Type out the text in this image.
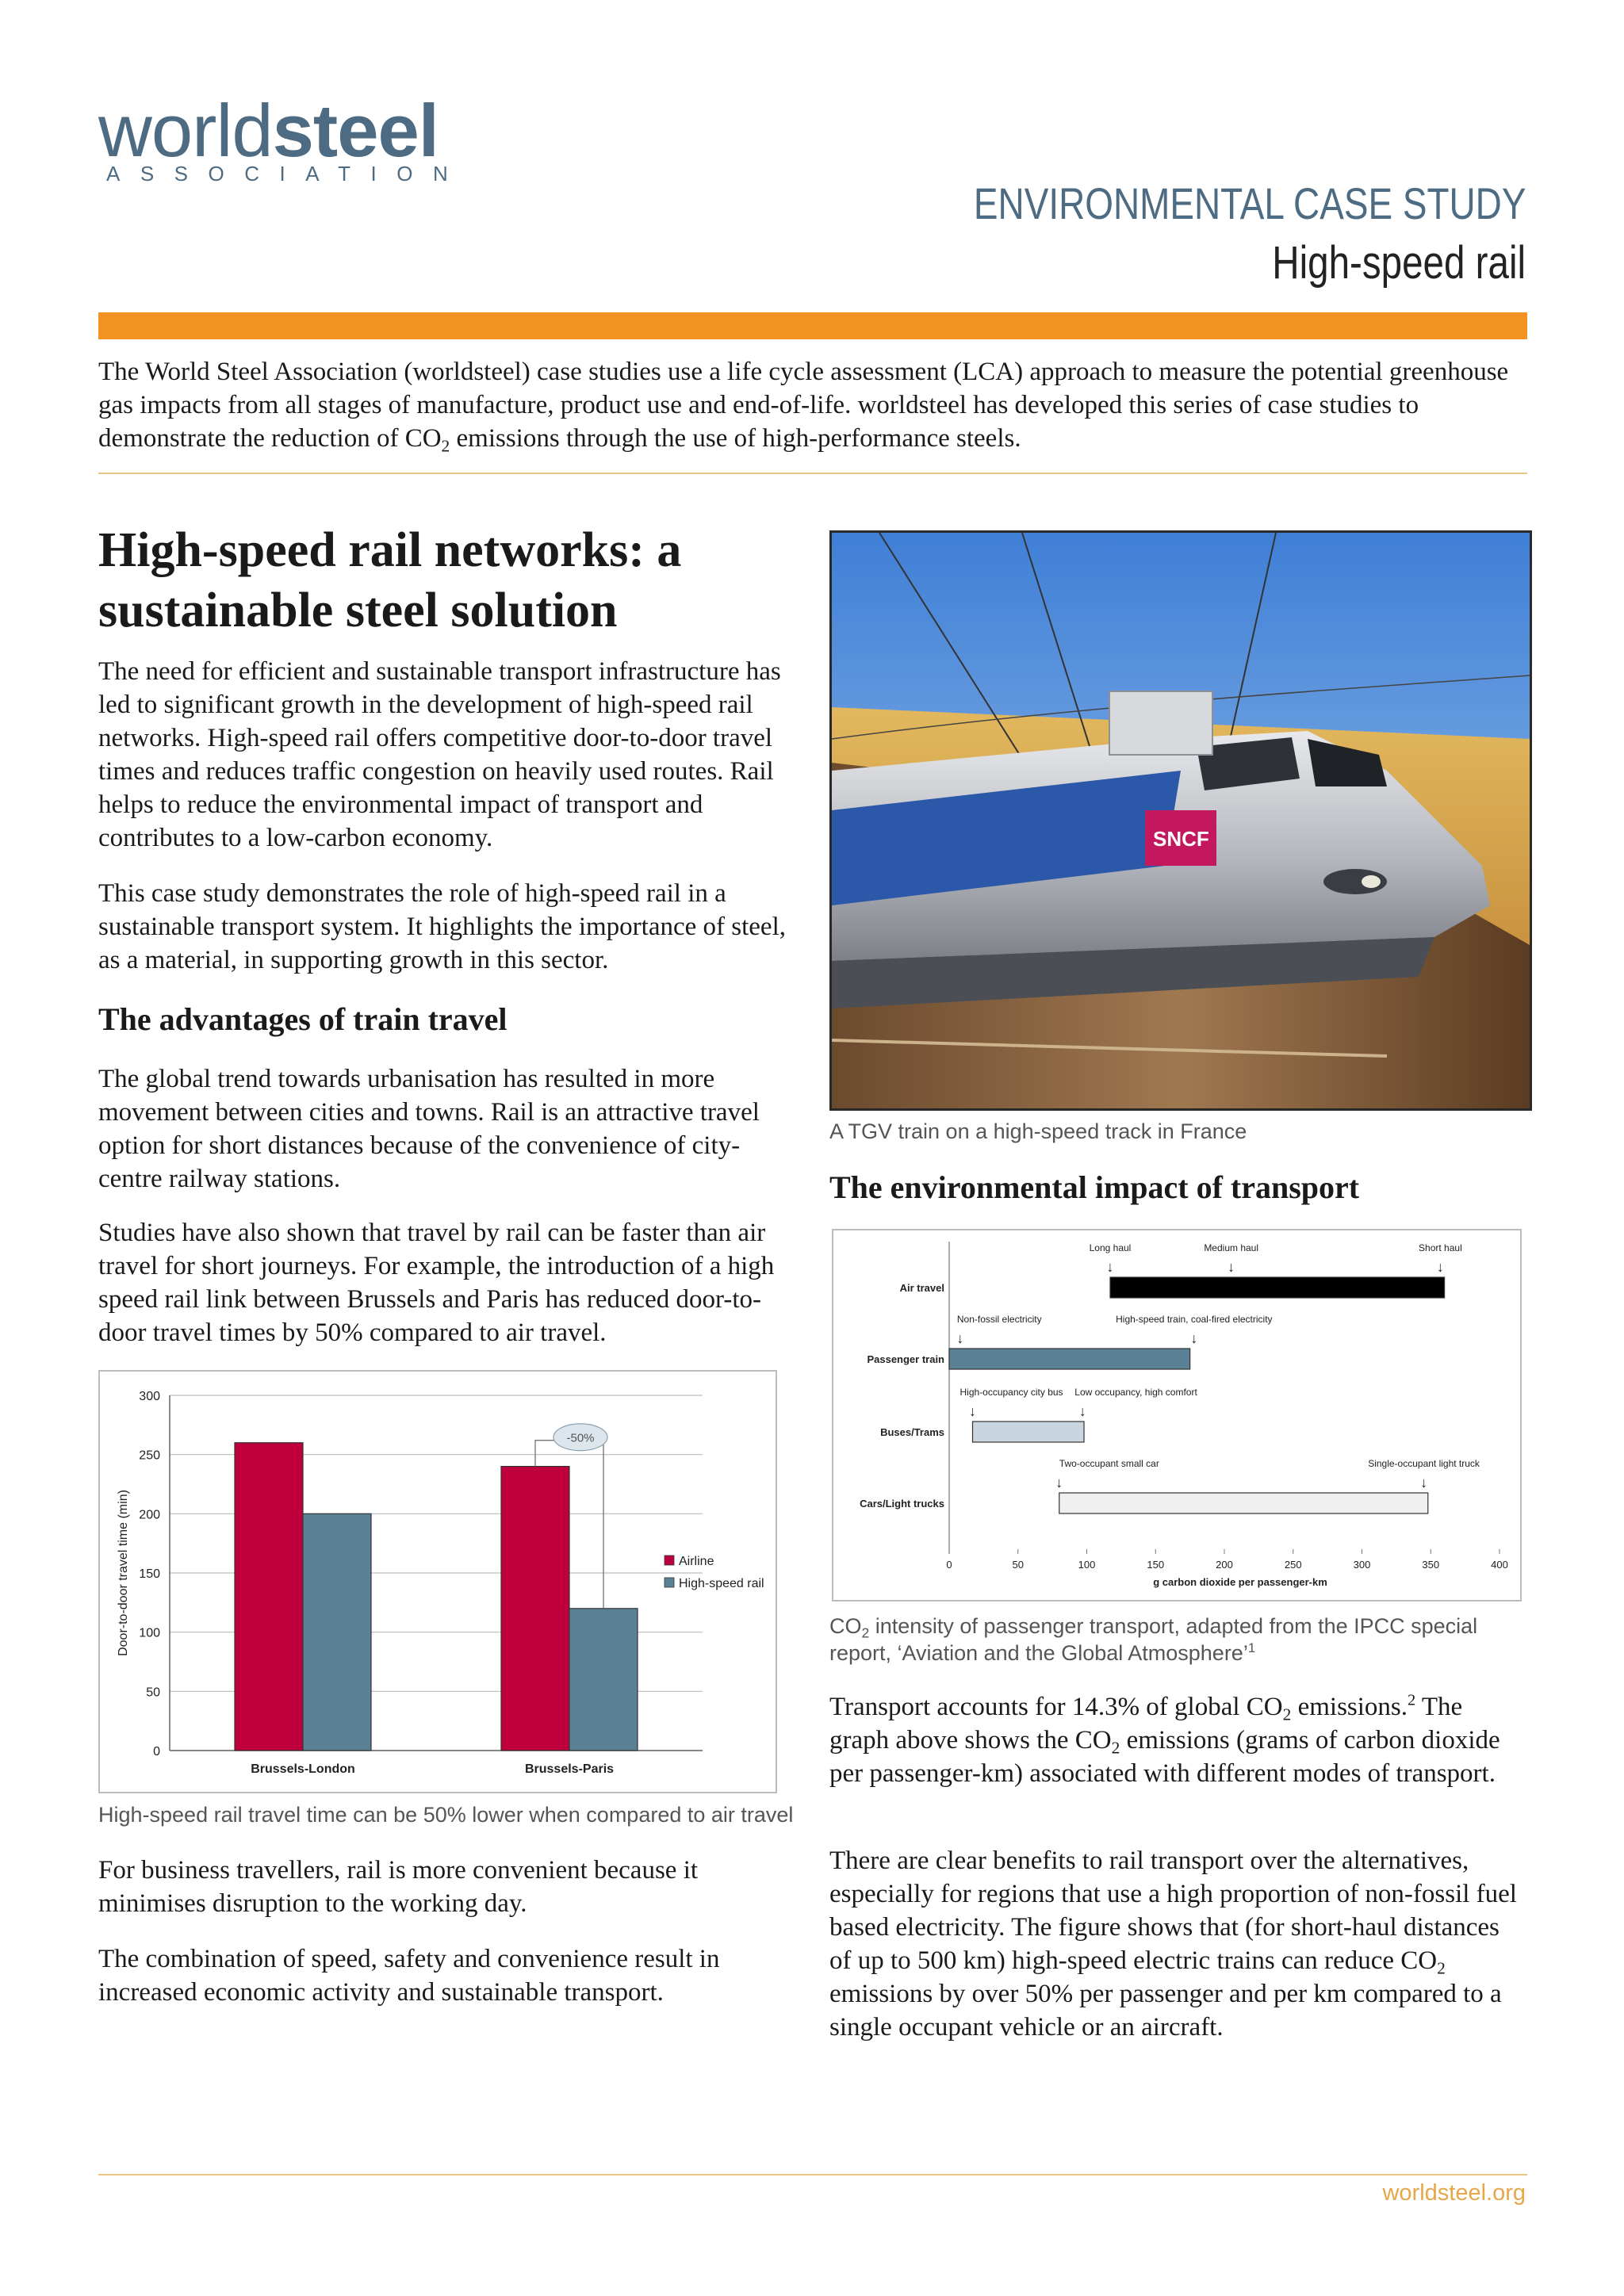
worldsteel
ASSOCIATION
ENVIRONMENTAL CASE STUDY
High-speed rail

The World Steel Association (worldsteel) case studies use a life cycle assessment (LCA) approach to measure the potential greenhouse gas impacts from all stages of manufacture, product use and end-of-life. worldsteel has developed this series of case studies to demonstrate the reduction of $CO_2$ emissions through the use of high-performance steels.

High-speed rail networks: a sustainable steel solution

The need for efficient and sustainable transport infrastructure has led to significant growth in the development of high-speed rail networks. High-speed rail offers competitive door-to-door travel times and reduces traffic congestion on heavily used routes. Rail helps to reduce the environmental impact of transport and contributes to a low-carbon economy.

This case study demonstrates the role of high-speed rail in a sustainable transport system. It highlights the importance of steel, as a material, in supporting growth in this sector.

The advantages of train travel

The global trend towards urbanisation has resulted in more movement between cities and towns. Rail is an attractive travel option for short distances because of the convenience of city-centre railway stations.

Studies have also shown that travel by rail can be faster than air travel for short journeys. For example, the introduction of a high speed rail link between Brussels and Paris has reduced door-to-door travel times by 50% compared to air travel.

0
50
100
150
200
250
300
Door-to-door travel time (min)
Brussels-London	Brussels-Paris
-50%
Airline
High-speed rail
High-speed rail travel time can be 50% lower when compared to air travel

For business travellers, rail is more convenient because it minimises disruption to the working day.

The combination of speed, safety and convenience result in increased economic activity and sustainable transport.

SNCF
A TGV train on a high-speed track in France
The environmental impact of transport
0	50	100	150	200	250	300	350	400
g carbon dioxide per passenger-km
Air travel
Long haul
↓
Medium haul
↓
Short haul
↓
Passenger train
Non-fossil electricity
↓
High-speed train, coal-fired electricity
↓
Buses/Trams
High-occupancy city bus
↓
Low occupancy, high comfort
↓
Cars/Light trucks
Two-occupant small car
↓
Single-occupant light truck
↓
$CO_2$ intensity of passenger transport, adapted from the IPCC special report, ‘Aviation and the Global Atmosphere’$^1$

Transport accounts for 14.3% of global $CO_2$ emissions.$^2$ The graph above shows the $CO_2$ emissions (grams of carbon dioxide per passenger-km) associated with different modes of transport.

There are clear benefits to rail transport over the alternatives, especially for regions that use a high proportion of non-fossil fuel based electricity. The figure shows that (for short-haul distances of up to 500 km) high-speed electric trains can reduce $CO_2$ emissions by over 50% per passenger and per km compared to a single occupant vehicle or an aircraft.

worldsteel.org
